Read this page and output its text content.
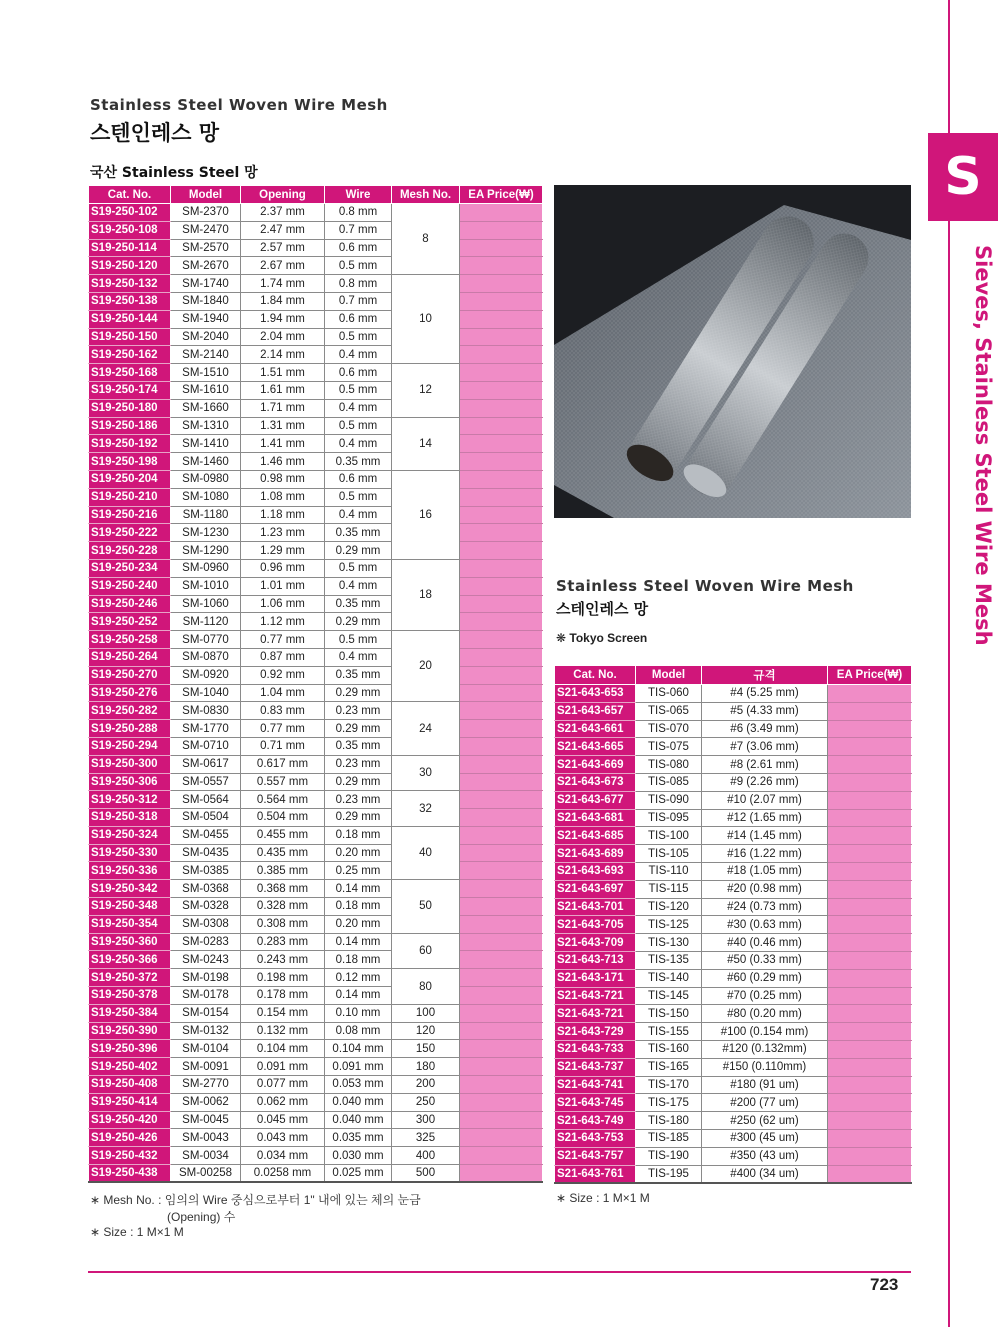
S
Sieves, Stainless Steel Wire Mesh
Stainless Steel Woven Wire Mesh
스텐인레스 망
국산 Stainless Steel 망
Cat. No.	Model	Opening	Wire	Mesh No.	EA Price(₩)
S19-250-102	SM-2370	2.37 mm	0.8 mm	8	
S19-250-108	SM-2470	2.47 mm	0.7 mm		
S19-250-114	SM-2570	2.57 mm	0.6 mm		
S19-250-120	SM-2670	2.67 mm	0.5 mm		
S19-250-132	SM-1740	1.74 mm	0.8 mm	10	
S19-250-138	SM-1840	1.84 mm	0.7 mm		
S19-250-144	SM-1940	1.94 mm	0.6 mm		
S19-250-150	SM-2040	2.04 mm	0.5 mm		
S19-250-162	SM-2140	2.14 mm	0.4 mm		
S19-250-168	SM-1510	1.51 mm	0.6 mm	12	
S19-250-174	SM-1610	1.61 mm	0.5 mm		
S19-250-180	SM-1660	1.71 mm	0.4 mm		
S19-250-186	SM-1310	1.31 mm	0.5 mm	14	
S19-250-192	SM-1410	1.41 mm	0.4 mm		
S19-250-198	SM-1460	1.46 mm	0.35 mm		
S19-250-204	SM-0980	0.98 mm	0.6 mm	16	
S19-250-210	SM-1080	1.08 mm	0.5 mm		
S19-250-216	SM-1180	1.18 mm	0.4 mm		
S19-250-222	SM-1230	1.23 mm	0.35 mm		
S19-250-228	SM-1290	1.29 mm	0.29 mm		
S19-250-234	SM-0960	0.96 mm	0.5 mm	18	
S19-250-240	SM-1010	1.01 mm	0.4 mm		
S19-250-246	SM-1060	1.06 mm	0.35 mm		
S19-250-252	SM-1120	1.12 mm	0.29 mm		
S19-250-258	SM-0770	0.77 mm	0.5 mm	20	
S19-250-264	SM-0870	0.87 mm	0.4 mm		
S19-250-270	SM-0920	0.92 mm	0.35 mm		
S19-250-276	SM-1040	1.04 mm	0.29 mm		
S19-250-282	SM-0830	0.83 mm	0.23 mm	24	
S19-250-288	SM-1770	0.77 mm	0.29 mm		
S19-250-294	SM-0710	0.71 mm	0.35 mm		
S19-250-300	SM-0617	0.617 mm	0.23 mm	30	
S19-250-306	SM-0557	0.557 mm	0.29 mm		
S19-250-312	SM-0564	0.564 mm	0.23 mm	32	
S19-250-318	SM-0504	0.504 mm	0.29 mm		
S19-250-324	SM-0455	0.455 mm	0.18 mm	40	
S19-250-330	SM-0435	0.435 mm	0.20 mm		
S19-250-336	SM-0385	0.385 mm	0.25 mm		
S19-250-342	SM-0368	0.368 mm	0.14 mm	50	
S19-250-348	SM-0328	0.328 mm	0.18 mm		
S19-250-354	SM-0308	0.308 mm	0.20 mm		
S19-250-360	SM-0283	0.283 mm	0.14 mm	60	
S19-250-366	SM-0243	0.243 mm	0.18 mm		
S19-250-372	SM-0198	0.198 mm	0.12 mm	80	
S19-250-378	SM-0178	0.178 mm	0.14 mm		
S19-250-384	SM-0154	0.154 mm	0.10 mm	100	
S19-250-390	SM-0132	0.132 mm	0.08 mm	120	
S19-250-396	SM-0104	0.104 mm	0.104 mm	150	
S19-250-402	SM-0091	0.091 mm	0.091 mm	180	
S19-250-408	SM-2770	0.077 mm	0.053 mm	200	
S19-250-414	SM-0062	0.062 mm	0.040 mm	250	
S19-250-420	SM-0045	0.045 mm	0.040 mm	300	
S19-250-426	SM-0043	0.043 mm	0.035 mm	325	
S19-250-432	SM-0034	0.034 mm	0.030 mm	400	
S19-250-438	SM-00258	0.0258 mm	0.025 mm	500	
∗ Mesh No. : 임의의 Wire 중심으로부터 1" 내에 있는 체의 눈금
(Opening) 수
∗ Size : 1 M×1 M
Stainless Steel Woven Wire Mesh
스테인레스 망
❋ Tokyo Screen
Cat. No.	Model	규격	EA Price(₩)
S21-643-653	TIS-060	#4 (5.25 mm)	
S21-643-657	TIS-065	#5 (4.33 mm)	
S21-643-661	TIS-070	#6 (3.49 mm)	
S21-643-665	TIS-075	#7 (3.06 mm)	
S21-643-669	TIS-080	#8 (2.61 mm)	
S21-643-673	TIS-085	#9 (2.26 mm)	
S21-643-677	TIS-090	#10 (2.07 mm)	
S21-643-681	TIS-095	#12 (1.65 mm)	
S21-643-685	TIS-100	#14 (1.45 mm)	
S21-643-689	TIS-105	#16 (1.22 mm)	
S21-643-693	TIS-110	#18 (1.05 mm)	
S21-643-697	TIS-115	#20 (0.98 mm)	
S21-643-701	TIS-120	#24 (0.73 mm)	
S21-643-705	TIS-125	#30 (0.63 mm)	
S21-643-709	TIS-130	#40 (0.46 mm)	
S21-643-713	TIS-135	#50 (0.33 mm)	
S21-643-171	TIS-140	#60 (0.29 mm)	
S21-643-721	TIS-145	#70 (0.25 mm)	
S21-643-721	TIS-150	#80 (0.20 mm)	
S21-643-729	TIS-155	#100 (0.154 mm)	
S21-643-733	TIS-160	#120 (0.132mm)	
S21-643-737	TIS-165	#150 (0.110mm)	
S21-643-741	TIS-170	#180 (91 um)	
S21-643-745	TIS-175	#200 (77 um)	
S21-643-749	TIS-180	#250 (62 um)	
S21-643-753	TIS-185	#300 (45 um)	
S21-643-757	TIS-190	#350 (43 um)	
S21-643-761	TIS-195	#400 (34 um)	
∗ Size : 1 M×1 M
723
